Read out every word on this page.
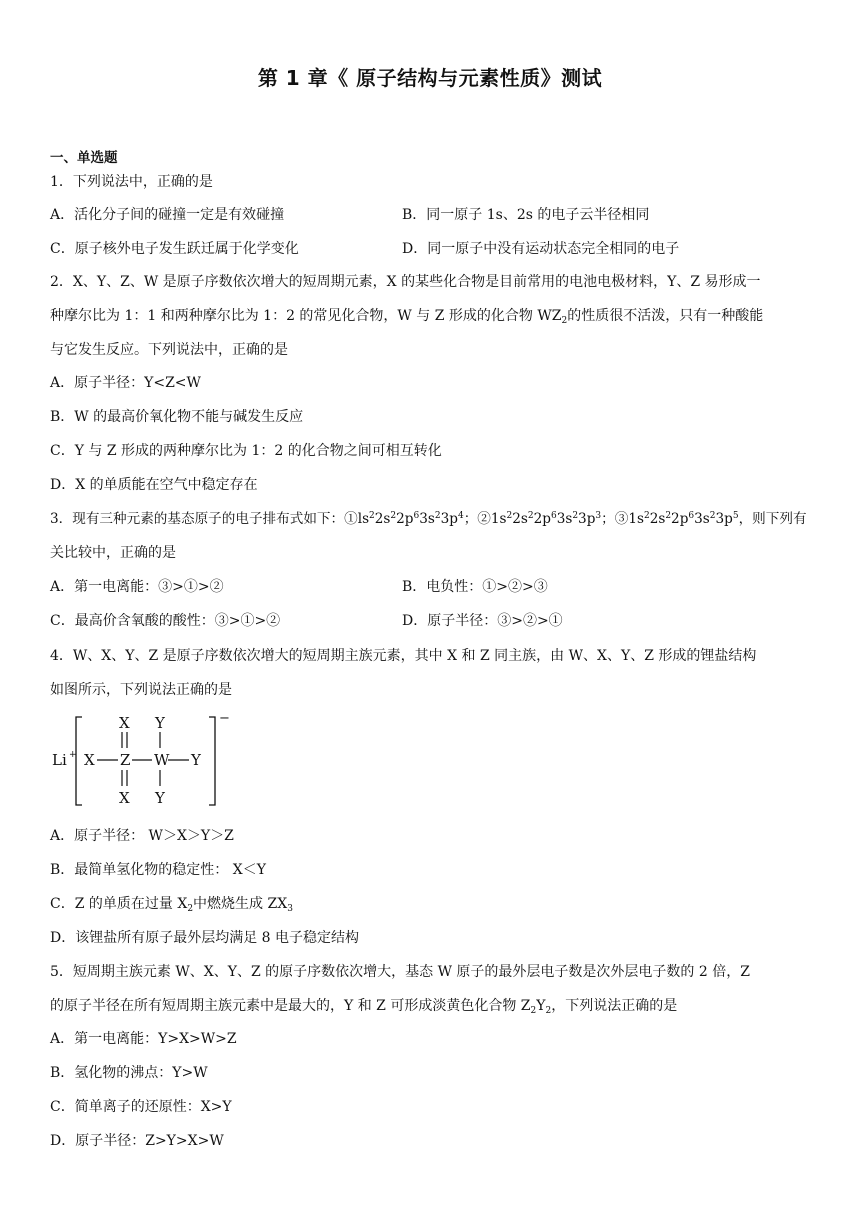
第 1 章《 原子结构与元素性质》测试
一、单选题
1．下列说法中，正确的是
A．活化分子间的碰撞一定是有效碰撞	B．同一原子 1s、2s 的电子云半径相同
C．原子核外电子发生跃迁属于化学变化	D．同一原子中没有运动状态完全相同的电子
2．X、Y、Z、W 是原子序数依次增大的短周期元素，X 的某些化合物是目前常用的电池电极材料，Y、Z 易形成一
种摩尔比为 1：1 和两种摩尔比为 1：2 的常见化合物，W 与 Z 形成的化合物 $WZ_2$的性质很不活泼，只有一种酸能
与它发生反应。下列说法中，正确的是
A．原子半径：Y<Z<W
B．W 的最高价氧化物不能与碱发生反应
C．Y 与 Z 形成的两种摩尔比为 1：2 的化合物之间可相互转化
D．X 的单质能在空气中稳定存在
3．现有三种元素的基态原子的电子排布式如下：$①ls^22s^22p^63s^23p^4$；$②1s^22s^22p^63s^23p^3$；$③1s^22s^22p^63s^23p^5$，则下列有
关比较中，正确的是
A．第一电离能：③>①>②	B．电负性：①>②>③
C．最高价含氧酸的酸性：③>①>②	D．原子半径：③>②>①
4．W、X、Y、Z 是原子序数依次增大的短周期主族元素，其中 X 和 Z 同主族，由 W、X、Y、Z 形成的锂盐结构
如图所示，下列说法正确的是
Li +
−
X Z W Y
X
X
Y
Y
A．原子半径： W＞X＞Y＞Z
B．最简单氢化物的稳定性： X＜Y
C．Z 的单质在过量 $X_2$中燃烧生成 $ZX_3$
D．该锂盐所有原子最外层均满足 8 电子稳定结构
5．短周期主族元素 W、X、Y、Z 的原子序数依次增大，基态 W 原子的最外层电子数是次外层电子数的 2 倍，Z
的原子半径在所有短周期主族元素中是最大的，Y 和 Z 可形成淡黄色化合物 $Z_2Y_2$，下列说法正确的是
A．第一电离能：Y>X>W>Z
B．氢化物的沸点：Y>W
C．简单离子的还原性：X>Y
D．原子半径：Z>Y>X>W
